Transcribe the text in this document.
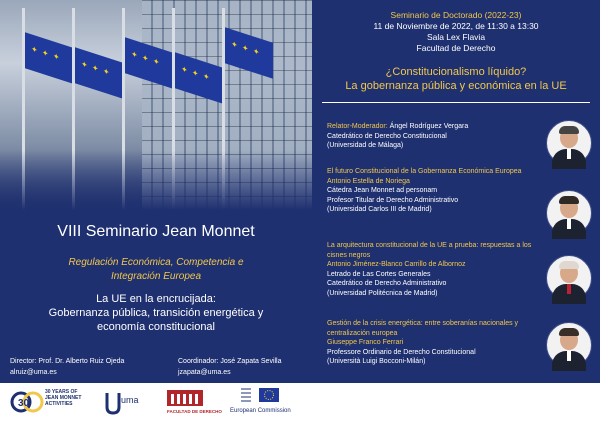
✦ ✦ ✦
✦ ✦ ✦
✦ ✦ ✦
✦ ✦ ✦
✦ ✦ ✦
VIII Seminario Jean Monnet
Regulación Económica, Competencia e
Integración Europea
La UE en la encrucijada:
Gobernanza pública, transición energética y
economía constitucional
Director: Prof. Dr. Alberto Ruiz Ojeda
alruiz@uma.es
Coordinador: José Zapata Sevilla
jzapata@uma.es
Seminario de Doctorado (2022-23)
11 de Noviembre de 2022, de 11:30 a 13:30
Sala Lex Flavia
Facultad de Derecho
¿Constitucionalismo líquido?
La gobernanza pública y económica en la UE
Relator-Moderador: Ángel Rodríguez Vergara
Catedrático de Derecho Constitucional
(Universidad de Málaga)
El futuro Constitucional de la Gobernanza Económica Europea
Antonio Estella de Noriega
Cátedra Jean Monnet ad personam
Profesor Titular de Derecho Administrativo
(Universidad Carlos III de Madrid)
La arquitectura constitucional de la UE a prueba: respuestas a los cisnes negros
Antonio Jiménez-Blanco Carrillo de Albornoz
Letrado de Las Cortes Generales
Catedrático de Derecho Administrativo
(Universidad Politécnica de Madrid)
Gestión de la crisis energética: entre soberanías nacionales y centralización europea
Giuseppe Franco Ferrari
Professore Ordinario de Derecho Constitucional
(Università Luigi Bocconi-Milán)
30
30 YEARS OF JEAN MONNET ACTIVITIES	uma
FACULTAD DE DERECHO European Commission
